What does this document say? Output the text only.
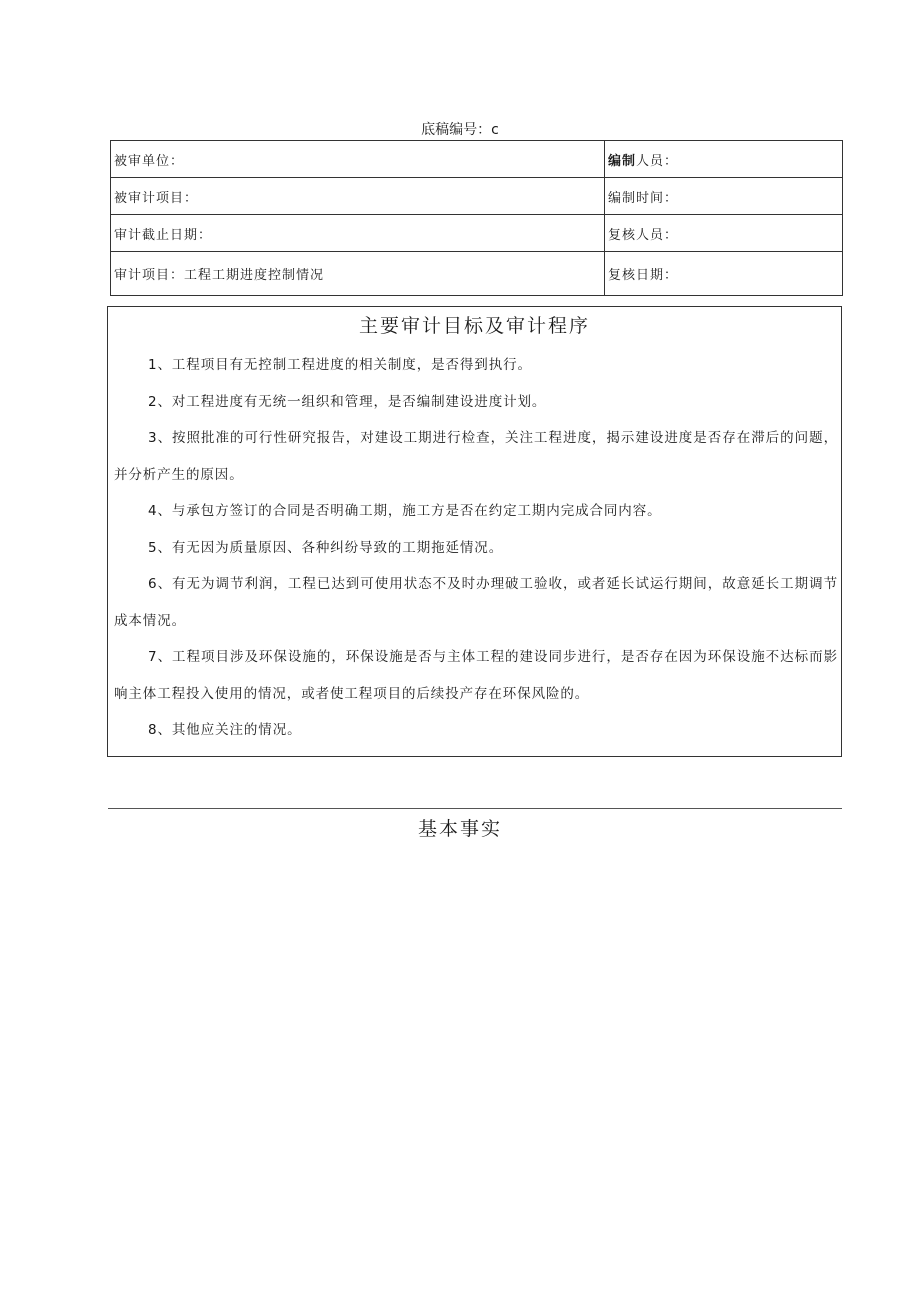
底稿编号：c
被审单位：	编制人员：
被审计项目：	编制时间：
审计截止日期：	复核人员：
审计项目：工程工期进度控制情况	复核日期：
主要审计目标及审计程序
1、工程项目有无控制工程进度的相关制度，是否得到执行。
2、对工程进度有无统一组织和管理，是否编制建设进度计划。
3、按照批准的可行性研究报告，对建设工期进行检查，关注工程进度，揭示建设进度是否存在滞后的问题，并分析产生的原因。
4、与承包方签订的合同是否明确工期，施工方是否在约定工期内完成合同内容。
5、有无因为质量原因、各种纠纷导致的工期拖延情况。
6、有无为调节利润，工程已达到可使用状态不及时办理破工验收，或者延长试运行期间，故意延长工期调节成本情况。
7、工程项目涉及环保设施的，环保设施是否与主体工程的建设同步进行，是否存在因为环保设施不达标而影响主体工程投入使用的情况，或者使工程项目的后续投产存在环保风险的。
8、其他应关注的情况。
基本事实
